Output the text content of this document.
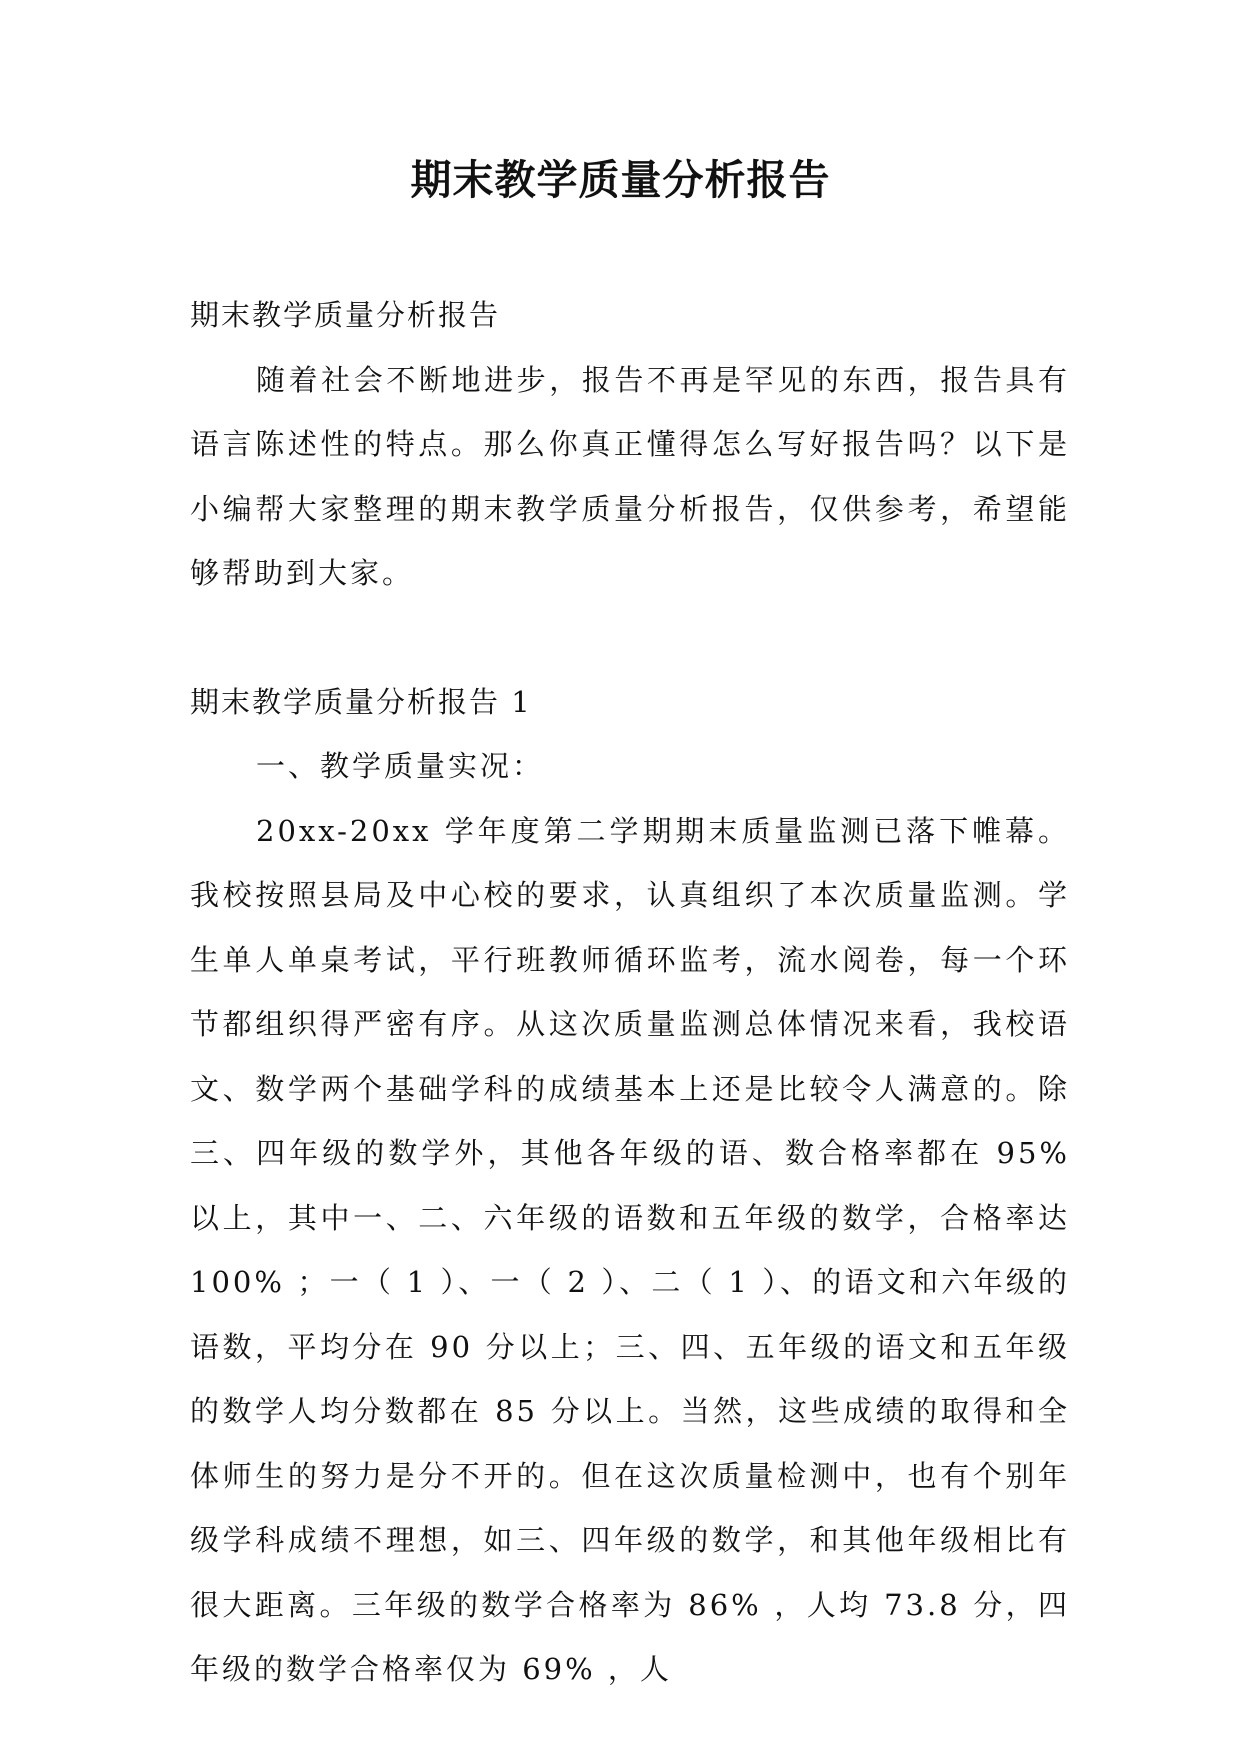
期末教学质量分析报告

期末教学质量分析报告

随着社会不断地进步，报告不再是罕见的东西，报告具有语言陈述性的特点。那么你真正懂得怎么写好报告吗？以下是小编帮大家整理的期末教学质量分析报告，仅供参考，希望能够帮助到大家。

期末教学质量分析报告 1

一、教学质量实况：

20xx-20xx 学年度第二学期期末质量监测已落下帷幕。我校按照县局及中心校的要求，认真组织了本次质量监测。学生单人单桌考试，平行班教师循环监考，流水阅卷，每一个环节都组织得严密有序。从这次质量监测总体情况来看，我校语文、数学两个基础学科的成绩基本上还是比较令人满意的。除三、四年级的数学外，其他各年级的语、数合格率都在 95% 以上，其中一、二、六年级的语数和五年级的数学，合格率达 100% ；一（ 1 ）、一（ 2 ）、二（ 1 ）、的语文和六年级的语数，平均分在 90 分以上；三、四、五年级的语文和五年级的数学人均分数都在 85 分以上。当然，这些成绩的取得和全体师生的努力是分不开的。但在这次质量检测中，也有个别年级学科成绩不理想，如三、四年级的数学，和其他年级相比有很大距离。三年级的数学合格率为 86% ，人均 73.8 分，四年级的数学合格率仅为 69% ，人
